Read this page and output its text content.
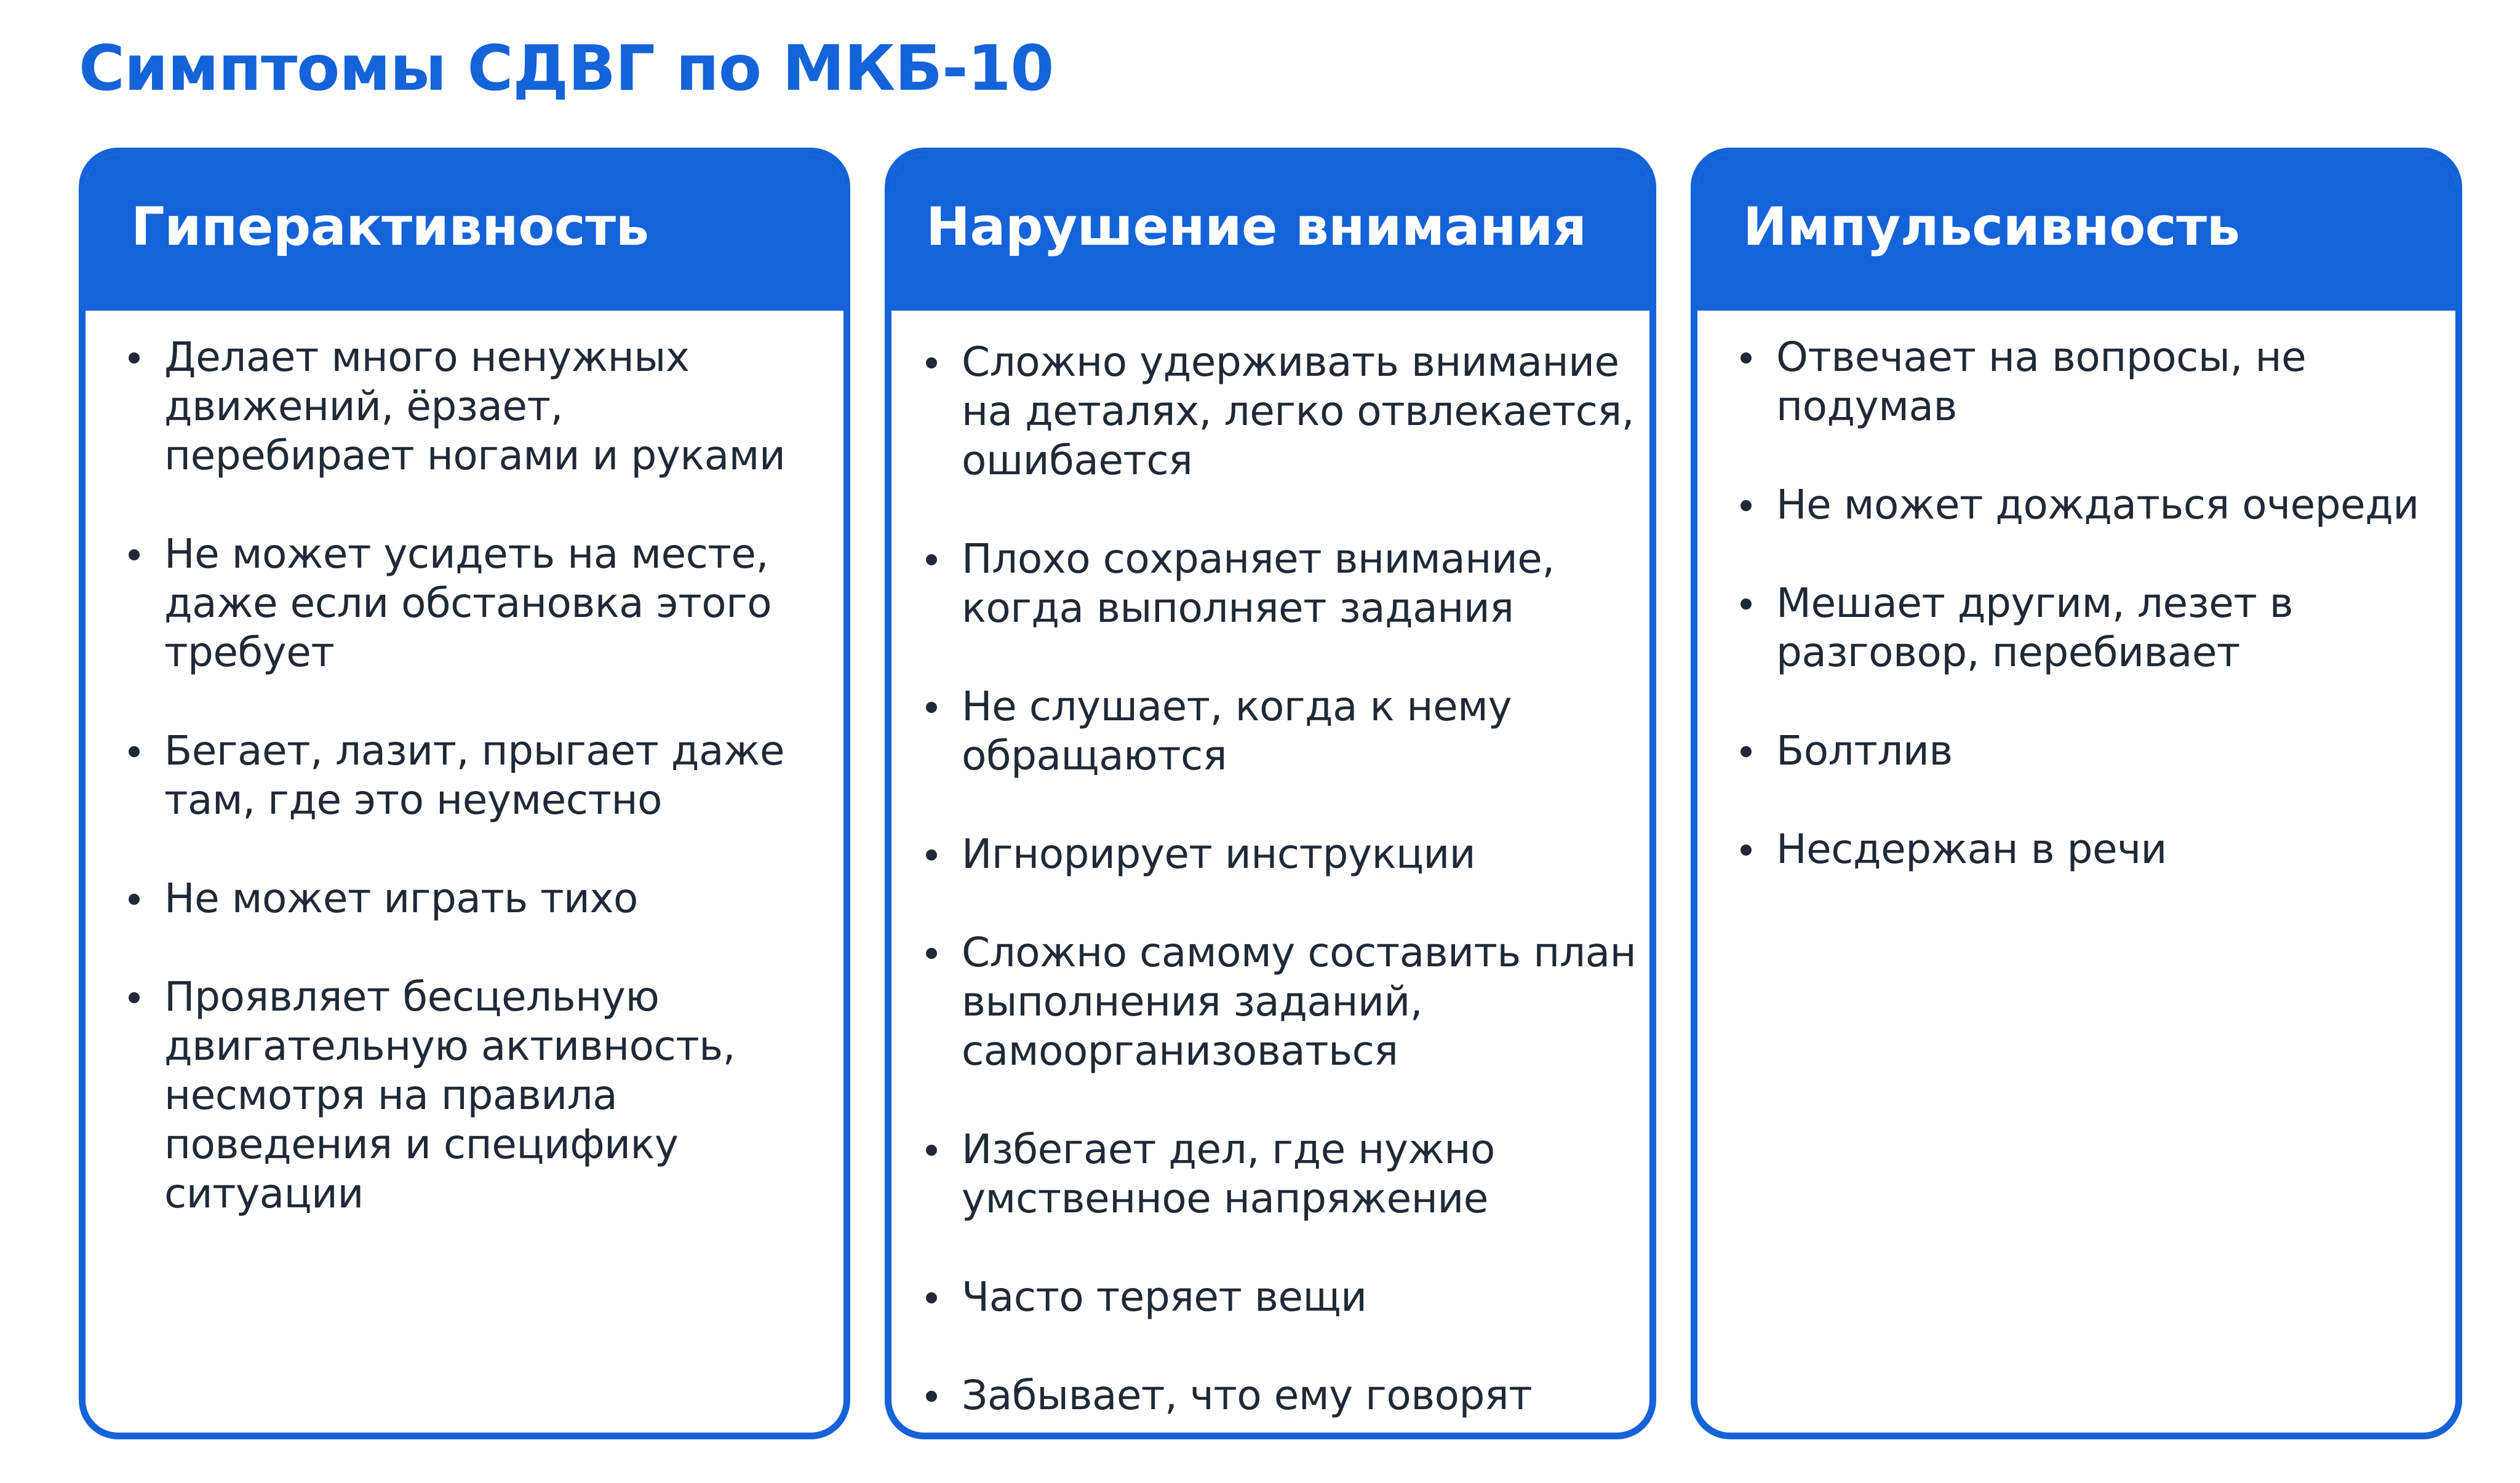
Симптомы СДВГ по МКБ-10
Гиперактивность
Делает много ненужных движений, ёрзает, перебирает ногами и руками
Не может усидеть на месте, даже если обстановка этого требует
Бегает, лазит, прыгает даже там, где это неуместно
Не может играть тихо
Проявляет бесцельную двигательную активность, несмотря на правила поведения и специфику ситуации
Нарушение внимания
Сложно удерживать внимание на деталях, легко отвлекается, ошибается
Плохо сохраняет внимание, когда выполняет задания
Не слушает, когда к нему обращаются
Игнорирует инструкции
Сложно самому составить план выполнения заданий, самоорганизоваться
Избегает дел, где нужно умственное напряжение
Часто теряет вещи
Забывает, что ему говорят
Импульсивность
Отвечает на вопросы, не подумав
Не может дождаться очереди
Мешает другим, лезет в разговор, перебивает
Болтлив
Несдержан в речи
